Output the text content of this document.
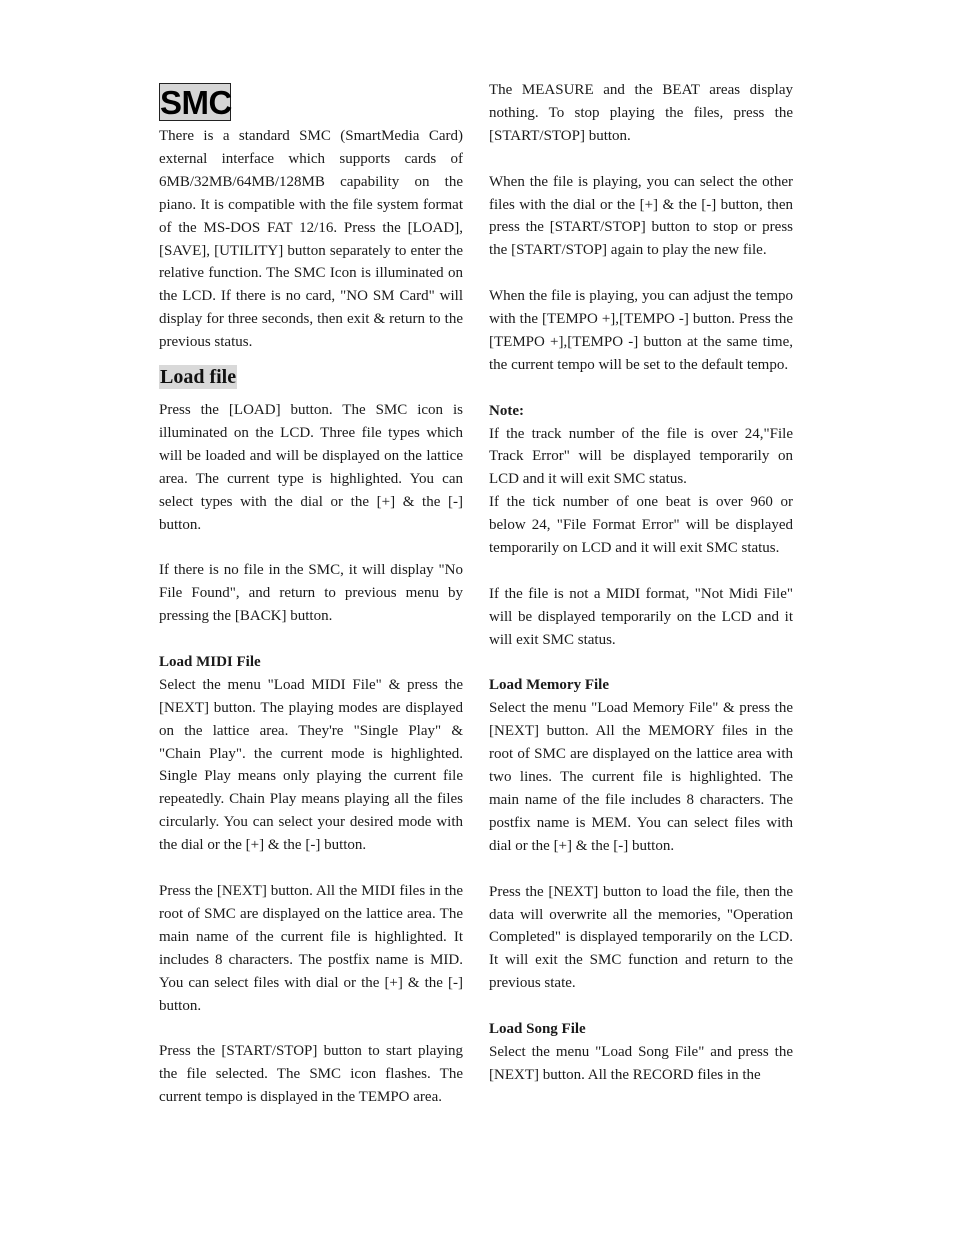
SMC

There is a standard SMC (SmartMedia Card) external interface which supports cards of 6MB/32MB/64MB/128MB capability on the piano. It is compatible with the file system format of the MS-DOS FAT 12/16. Press the [LOAD], [SAVE], [UTILITY] button separately to enter the relative function. The SMC Icon is illuminated on the LCD. If there is no card, "NO SM Card" will display for three seconds, then exit & return to the previous status.

Load file

Press the [LOAD] button. The SMC icon is illuminated on the LCD. Three file types which will be loaded and will be displayed on the lattice area. The current type is highlighted. You can select types with the dial or the [+] & the [-] button.

If there is no file in the SMC, it will display "No File Found", and return to previous menu by pressing the [BACK] button.

Load MIDI File

Select the menu "Load MIDI File" & press the [NEXT] button. The playing modes are displayed on the lattice area. They're "Single Play" & "Chain Play". the current mode is highlighted. Single Play means only playing the current file repeatedly. Chain Play means playing all the files circularly. You can select your desired mode with the dial or the [+] & the [-] button.

Press the [NEXT] button. All the MIDI files in the root of SMC are displayed on the lattice area. The main name of the current file is highlighted. It includes 8 characters. The postfix name is MID. You can select files with dial or the [+] & the [-] button.

Press the [START/STOP] button to start playing the file selected. The SMC icon flashes. The current tempo is displayed in the TEMPO area.

The MEASURE and the BEAT areas display nothing. To stop playing the files, press the [START/STOP] button.

When the file is playing, you can select the other files with the dial or the [+] & the [-] button, then press the [START/STOP] button to stop or press the [START/STOP] again to play the new file.

When the file is playing, you can adjust the tempo with the [TEMPO +],[TEMPO -] button. Press the [TEMPO +],[TEMPO -] button at the same time, the current tempo will be set to the default tempo.

Note:

If the track number of the file is over 24,"File Track Error" will be displayed temporarily on LCD and it will exit SMC status.

If the tick number of one beat is over 960 or below 24, "File Format Error" will be displayed temporarily on LCD and it will exit SMC status.

If the file is not a MIDI format, "Not Midi File" will be displayed temporarily on the LCD and it will exit SMC status.

Load Memory File

Select the menu "Load Memory File" & press the [NEXT] button. All the MEMORY files in the root of SMC are displayed on the lattice area with two lines. The current file is highlighted. The main name of the file includes 8 characters. The postfix name is MEM. You can select files with dial or the [+] & the [-] button.

Press the [NEXT] button to load the file, then the data will overwrite all the memories, "Operation Completed" is displayed temporarily on the LCD. It will exit the SMC function and return to the previous state.

Load Song File

Select the menu "Load Song File" and press the [NEXT] button. All the RECORD files in the
